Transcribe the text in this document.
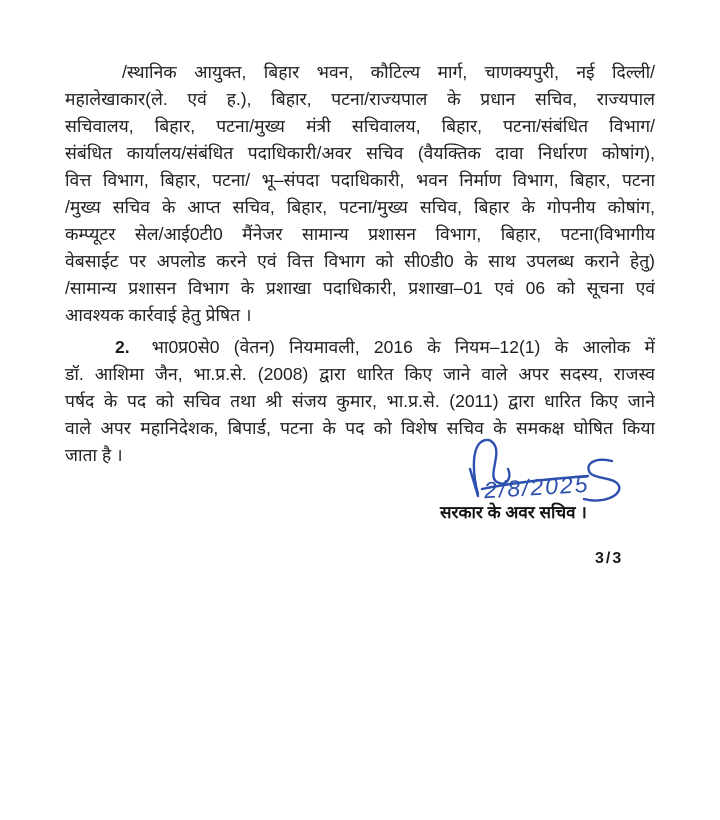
/स्थानिक आयुक्त, बिहार भवन, कौटिल्य मार्ग, चाणक्यपुरी, नई दिल्ली/
महालेखाकार(ले. एवं ह.), बिहार, पटना/राज्यपाल के प्रधान सचिव, राज्यपाल
सचिवालय, बिहार, पटना/मुख्य मंत्री सचिवालय, बिहार, पटना/संबंधित विभाग/
संबंधित कार्यालय/संबंधित पदाधिकारी/अवर सचिव (वैयक्तिक दावा निर्धारण कोषांग),
वित्त विभाग, बिहार, पटना/ भू–संपदा पदाधिकारी, भवन निर्माण विभाग, बिहार, पटना
/मुख्य सचिव के आप्त सचिव, बिहार, पटना/मुख्य सचिव, बिहार के गोपनीय कोषांग,
कम्प्यूटर सेल/आई0टी0 मैंनेजर सामान्य प्रशासन विभाग, बिहार, पटना(विभागीय
वेबसाईट पर अपलोड करने एवं वित्त विभाग को सी0डी0 के साथ उपलब्ध कराने हेतु)
/सामान्य प्रशासन विभाग के प्रशाखा पदाधिकारी, प्रशाखा–01 एवं 06 को सूचना एवं
आवश्यक कार्रवाई हेतु प्रेषित ।
2. भा0प्र0से0 (वेतन) नियमावली, 2016 के नियम–12(1) के आलोक में
डॉ. आशिमा जैन, भा.प्र.से. (2008) द्वारा धारित किए जाने वाले अपर सदस्य, राजस्व
पर्षद के पद को सचिव तथा श्री संजय कुमार, भा.प्र.से. (2011) द्वारा धारित किए जाने
वाले अपर महानिदेशक, बिपार्ड, पटना के पद को विशेष सचिव के समकक्ष घोषित किया
जाता है ।
2/8/2025
सरकार के अवर सचिव ।
3/3
